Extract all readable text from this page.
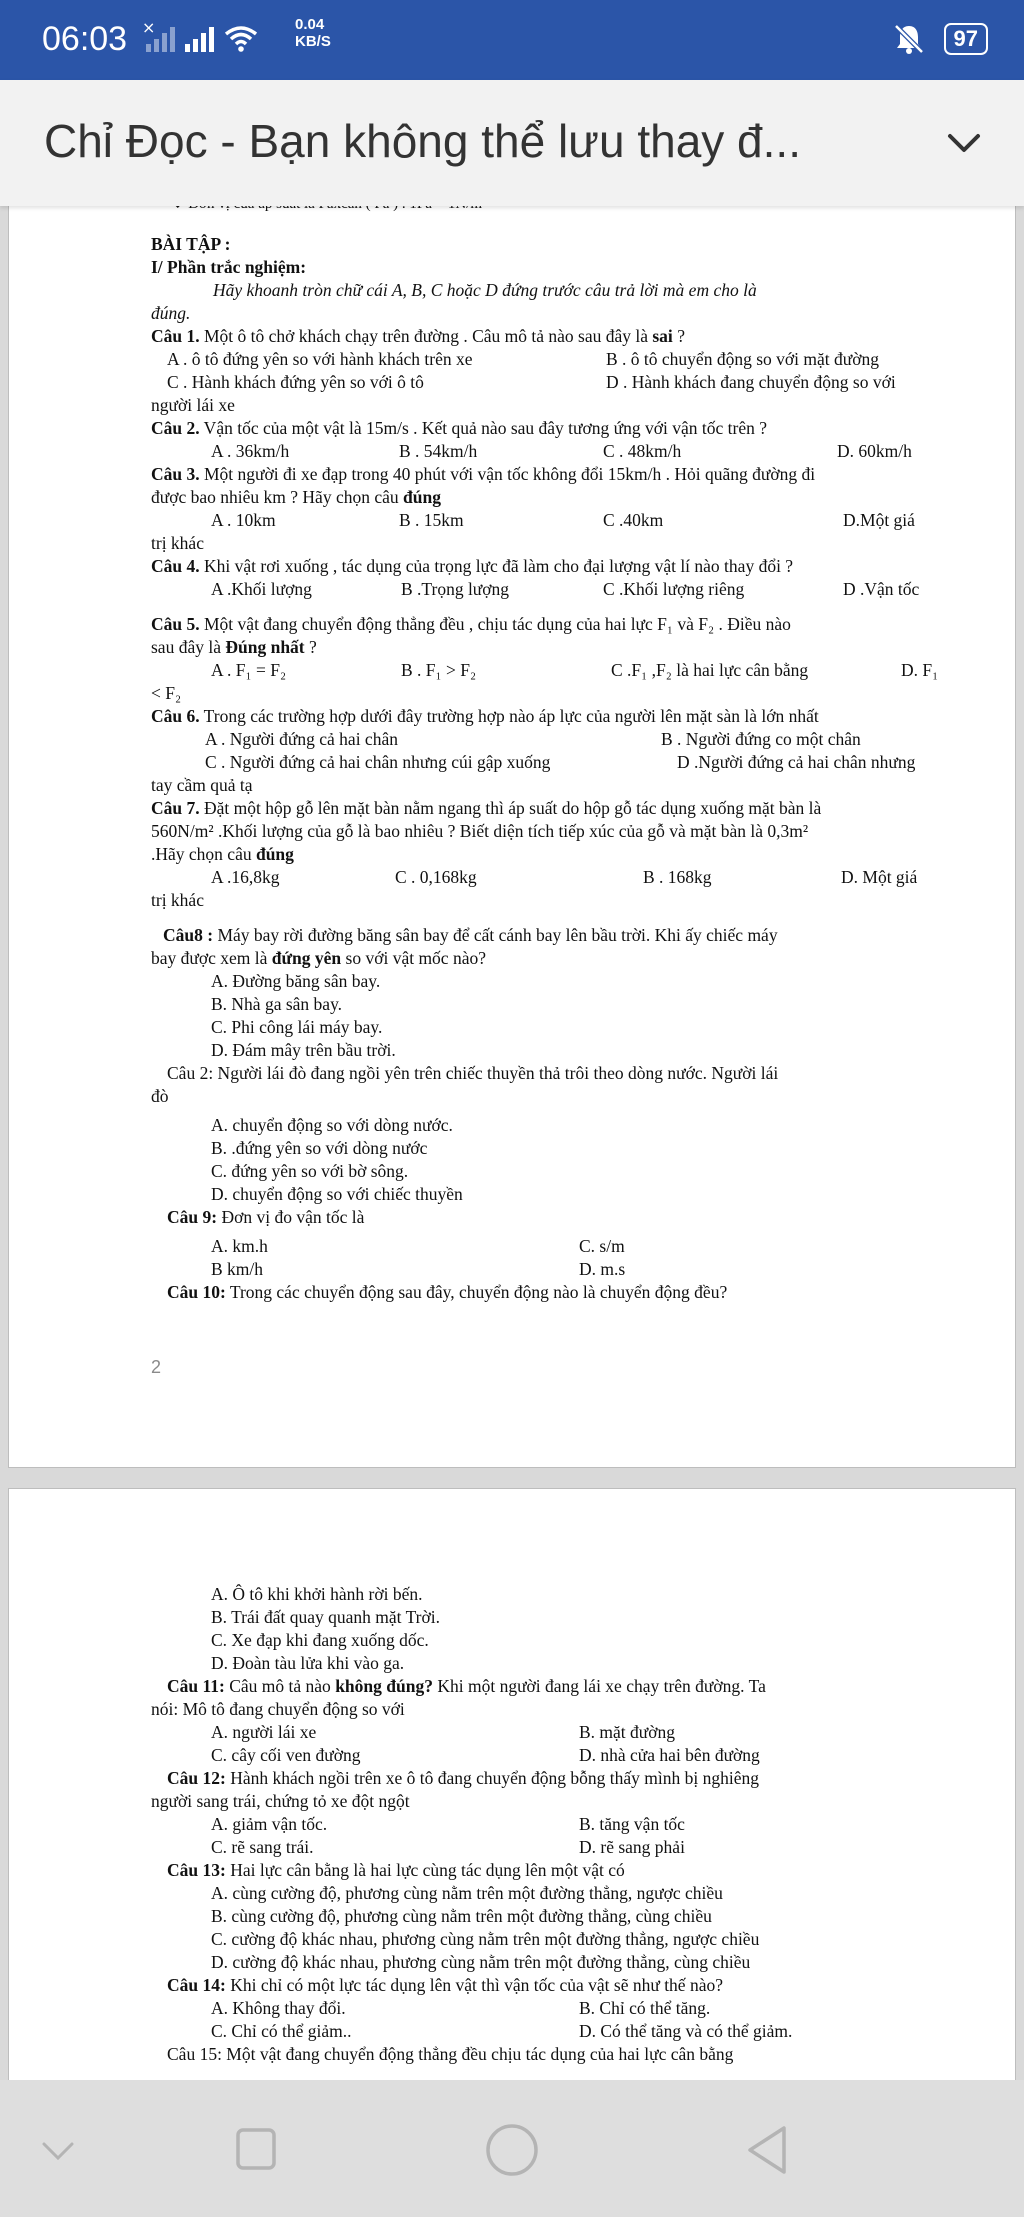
06:03 ×	0.04
KB/S	97
Chỉ Đọc - Bạn không thể lưu thay đ...
BÀI TẬP :
I/ Phần trắc nghiệm:
Hãy khoanh tròn chữ cái A, B, C hoặc D đứng trước câu trả lời mà em cho là
đúng.
Câu 1. Một ô tô chở khách chạy trên đường . Câu mô tả nào sau đây là sai ?
A . ô tô đứng yên so với hành khách trên xe	B . ô tô chuyển động so với mặt đường
C . Hành khách đứng yên so với ô tô	D . Hành khách đang chuyển động so với
người lái xe
Câu 2. Vận tốc của một vật là 15m/s . Kết quả nào sau đây tương ứng với vận tốc trên ?
A . 36km/h	B . 54km/h	C . 48km/h	D. 60km/h
Câu 3. Một người đi xe đạp trong 40 phút với vận tốc không đổi 15km/h . Hỏi quãng đường đi
được bao nhiêu km ? Hãy chọn câu đúng
A . 10km	B . 15km	C .40km	D.Một giá
trị khác
Câu 4. Khi vật rơi xuống , tác dụng của trọng lực đã làm cho đại lượng vật lí nào thay đổi ?
A .Khối lượng	B .Trọng lượng	C .Khối lượng riêng	D .Vận tốc
Câu 5. Một vật đang chuyển động thẳng đều , chịu tác dụng của hai lực F₁ và F₂ . Điều nào
sau đây là Đúng nhất ?
A . F₁ = F₂	B . F₁ > F₂	C .F₁ ,F₂ là hai lực cân bằng	D. F₁
< F₂
Câu 6. Trong các trường hợp dưới đây trường hợp nào áp lực của người lên mặt sàn là lớn nhất
A . Người đứng cả hai chân	B . Người đứng co một chân
C . Người đứng cả hai chân nhưng cúi gập xuống	D .Người đứng cả hai chân nhưng
tay cầm quả tạ
Câu 7. Đặt một hộp gỗ lên mặt bàn nằm ngang thì áp suất do hộp gỗ tác dụng xuống mặt bàn là
560N/m² .Khối lượng của gỗ là bao nhiêu ? Biết diện tích tiếp xúc của gỗ và mặt bàn là 0,3m²
.Hãy chọn câu đúng
A .16,8kg	C . 0,168kg	B . 168kg	D. Một giá
trị khác
Câu8 : Máy bay rời đường băng sân bay để cất cánh bay lên bầu trời. Khi ấy chiếc máy
bay được xem là đứng yên so với vật mốc nào?
A. Đường băng sân bay.
B. Nhà ga sân bay.
C. Phi công lái máy bay.
D. Đám mây trên bầu trời.
Câu 2: Người lái đò đang ngồi yên trên chiếc thuyền thả trôi theo dòng nước. Người lái
đò
A. chuyển động so với dòng nước.
B. .đứng yên so với dòng nước
C. đứng yên so với bờ sông.
D. chuyển động so với chiếc thuyền
Câu 9: Đơn vị đo vận tốc là
A. km.h	C. s/m
B km/h	D. m.s
Câu 10: Trong các chuyển động sau đây, chuyển động nào là chuyển động đều?
2
A. Ô tô khi khởi hành rời bến.
B. Trái đất quay quanh mặt Trời.
C. Xe đạp khi đang xuống dốc.
D. Đoàn tàu lửa khi vào ga.
Câu 11: Câu mô tả nào không đúng? Khi một người đang lái xe chạy trên đường. Ta
nói: Mô tô đang chuyển động so với
A. người lái xe	B. mặt đường
C. cây cối ven đường	D. nhà cửa hai bên đường
Câu 12: Hành khách ngồi trên xe ô tô đang chuyển động bỗng thấy mình bị nghiêng
người sang trái, chứng tỏ xe đột ngột
A. giảm vận tốc.	B. tăng vận tốc
C. rẽ sang trái.	D. rẽ sang phải
Câu 13: Hai lực cân bằng là hai lực cùng tác dụng lên một vật có
A. cùng cường độ, phương cùng nằm trên một đường thẳng, ngược chiều
B. cùng cường độ, phương cùng nằm trên một đường thẳng, cùng chiều
C. cường độ khác nhau, phương cùng nằm trên một đường thẳng, ngược chiều
D. cường độ khác nhau, phương cùng nằm trên một đường thẳng, cùng chiều
Câu 14: Khi chỉ có một lực tác dụng lên vật thì vận tốc của vật sẽ như thế nào?
A. Không thay đổi.	B. Chỉ có thể tăng.
C. Chỉ có thể giảm..	D. Có thể tăng và có thể giảm.
Câu 15: Một vật đang chuyển động thẳng đều chịu tác dụng của hai lực cân bằng
